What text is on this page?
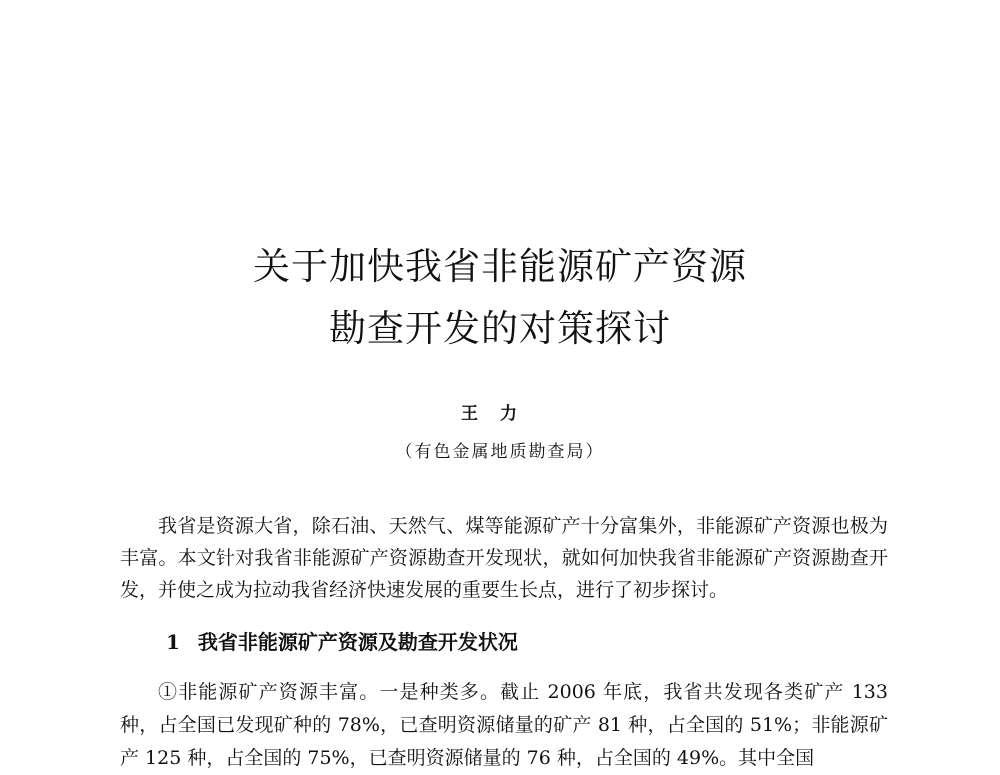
关于加快我省非能源矿产资源
勘查开发的对策探讨
王力
（有色金属地质勘查局）

我省是资源大省，除石油、天然气、煤等能源矿产十分富集外，非能源矿产资源也极为丰富。本文针对我省非能源矿产资源勘查开发现状，就如何加快我省非能源矿产资源勘查开发，并使之成为拉动我省经济快速发展的重要生长点，进行了初步探讨。

1 我省非能源矿产资源及勘查开发状况

①非能源矿产资源丰富。一是种类多。截止 2006 年底，我省共发现各类矿产 133 种，占全国已发现矿种的 78%，已查明资源储量的矿产 81 种，占全国的 51%；非能源矿产 125 种，占全国的 75%，已查明资源储量的 76 种，占全国的 49%。其中全国
